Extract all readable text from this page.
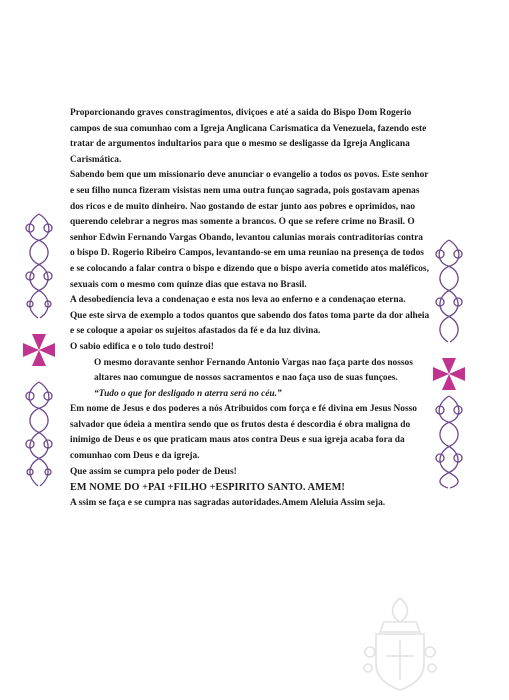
Proporcionando graves constragimentos, diviçoes e até a saida do Bispo Dom Rogerio campos de sua comunhao com a Igreja Anglicana Carismatica da Venezuela, fazendo este tratar de argumentos indultarios para que o mesmo se desligasse da Igreja Anglicana Carismática.

Sabendo bem que um missionario deve anunciar o evangelio a todos os povos. Este senhor e seu filho nunca fizeram visistas nem uma outra funçao sagrada, pois gostavam apenas dos ricos e de muito dinheiro. Nao gostando de estar junto aos pobres e oprimidos, nao querendo celebrar a negros mas somente a brancos. O que se refere crime no Brasil. O senhor Edwin Fernando Vargas Obando, levantou calunias morais contraditorias contra o bispo D. Rogerio Ribeiro Campos, levantando-se em uma reuniao na presença de todos e se colocando a falar contra o bispo e dizendo que o bispo averia cometido atos maléficos, sexuais com o mesmo com quinze dias que estava no Brasil.

A desobediencia leva a condenaçao e esta nos leva ao enferno e a condenaçao eterna.

Que este sirva de exemplo a todos quantos que sabendo dos fatos toma parte da dor alheia e se coloque a apoiar os sujeitos afastados da fé e da luz divina.

O sabio edifica e o tolo tudo destroi!

O mesmo doravante senhor Fernando Antonio Vargas nao faça parte dos nossos altares nao comungue de nossos sacramentos e nao faça uso de suas funçoes.

“Tudo o que for desligado n aterra será no céu.”

Em nome de Jesus e dos poderes a nós Atribuidos com força e fé divina em Jesus Nosso salvador que ódeia a mentira sendo que os frutos desta é descordia é obra maligna do inimigo de Deus e os que praticam maus atos contra Deus e sua igreja acaba fora da comunhao com Deus e da igreja.

Que assim se cumpra pelo poder de Deus!

EM NOME DO +PAI +FILHO +ESPIRITO SANTO. AMEM!

A ssim se faça e se cumpra nas sagradas autoridades.Amem Aleluia Assim seja.
